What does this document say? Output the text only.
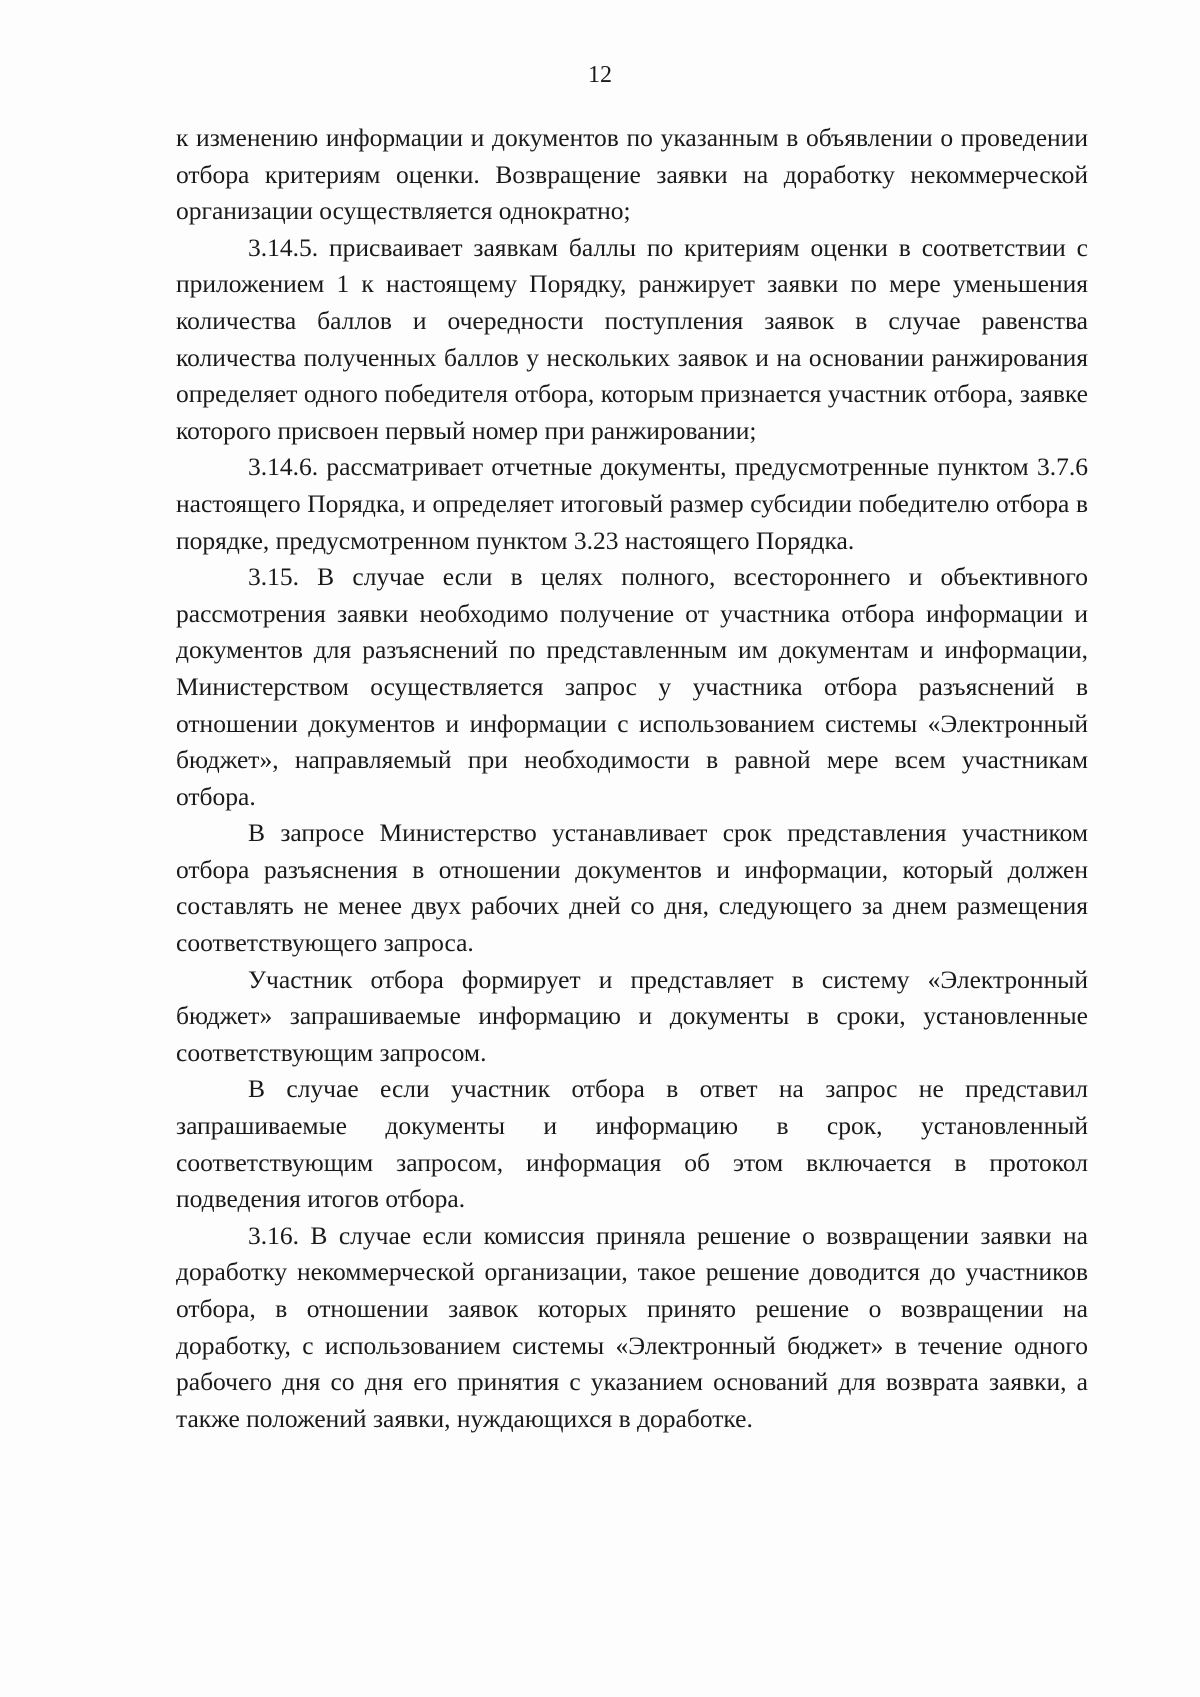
12

к изменению информации и документов по указанным в объявлении о проведении отбора критериям оценки. Возвращение заявки на доработку некоммерческой организации осуществляется однократно;

3.14.5. присваивает заявкам баллы по критериям оценки в соответствии с приложением 1 к настоящему Порядку, ранжирует заявки по мере уменьшения количества баллов и очередности поступления заявок в случае равенства количества полученных баллов у нескольких заявок и на основании ранжирования определяет одного победителя отбора, которым признается участник отбора, заявке которого присвоен первый номер при ранжировании;

3.14.6. рассматривает отчетные документы, предусмотренные пунктом 3.7.6 настоящего Порядка, и определяет итоговый размер субсидии победителю отбора в порядке, предусмотренном пунктом 3.23 настоящего Порядка.

3.15. В случае если в целях полного, всестороннего и объективного рассмотрения заявки необходимо получение от участника отбора информации и документов для разъяснений по представленным им документам и информации, Министерством осуществляется запрос у участника отбора разъяснений в отношении документов и информации с использованием системы «Электронный бюджет», направляемый при необходимости в равной мере всем участникам отбора.

В запросе Министерство устанавливает срок представления участником отбора разъяснения в отношении документов и информации, который должен составлять не менее двух рабочих дней со дня, следующего за днем размещения соответствующего запроса.

Участник отбора формирует и представляет в систему «Электронный бюджет» запрашиваемые информацию и документы в сроки, установленные соответствующим запросом.

В случае если участник отбора в ответ на запрос не представил запрашиваемые документы и информацию в срок, установленный соответствующим запросом, информация об этом включается в протокол подведения итогов отбора.

3.16. В случае если комиссия приняла решение о возвращении заявки на доработку некоммерческой организации, такое решение доводится до участников отбора, в отношении заявок которых принято решение о возвращении на доработку, с использованием системы «Электронный бюджет» в течение одного рабочего дня со дня его принятия с указанием оснований для возврата заявки, а также положений заявки, нуждающихся в доработке.
